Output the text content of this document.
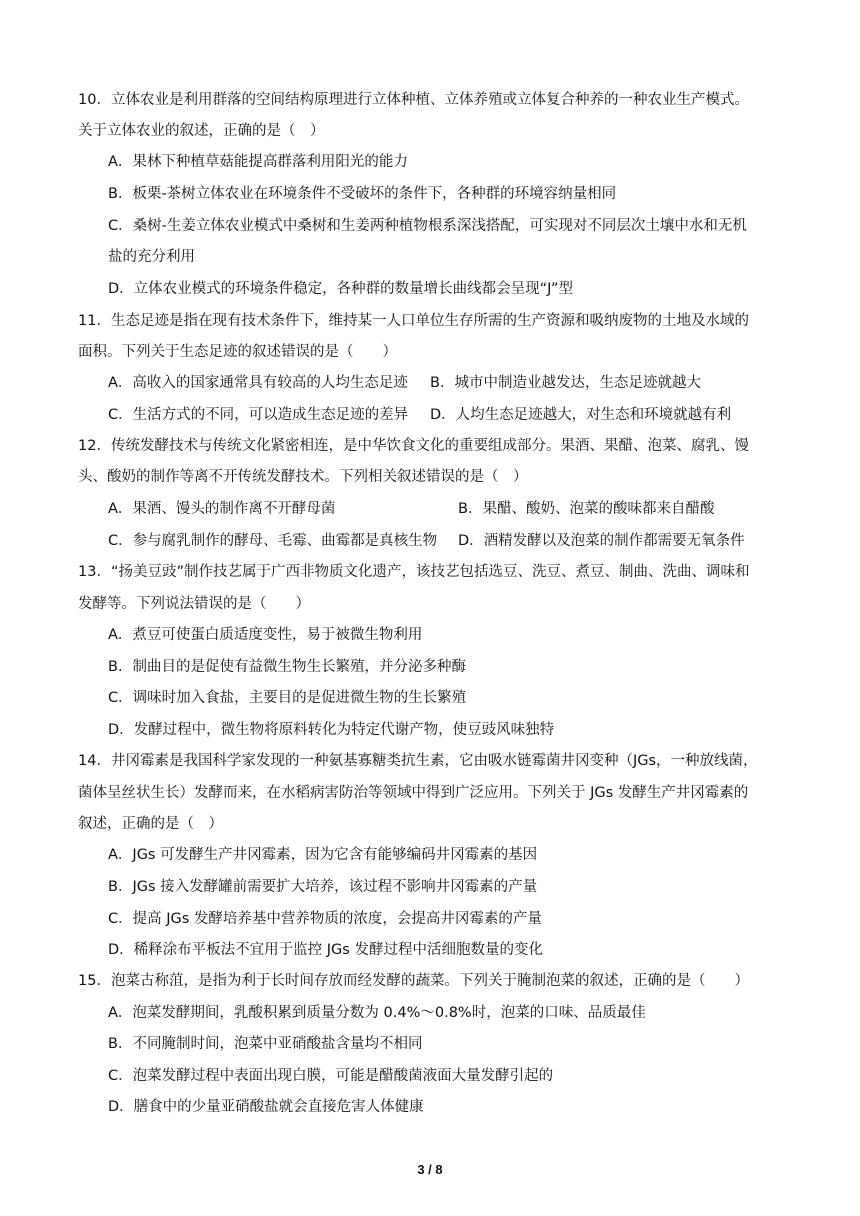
10．立体农业是利用群落的空间结构原理进行立体种植、立体养殖或立体复合种养的一种农业生产模式。
关于立体农业的叙述，正确的是（　）
A．果林下种植草菇能提高群落利用阳光的能力
B．板栗-茶树立体农业在环境条件不受破坏的条件下，各种群的环境容纳量相同
C．桑树-生姜立体农业模式中桑树和生姜两种植物根系深浅搭配，可实现对不同层次土壤中水和无机
盐的充分利用
D．立体农业模式的环境条件稳定，各种群的数量增长曲线都会呈现“J”型
11．生态足迹是指在现有技术条件下，维持某一人口单位生存所需的生产资源和吸纳废物的土地及水域的
面积。下列关于生态足迹的叙述错误的是（　　）
A．高收入的国家通常具有较高的人均生态足迹 B．城市中制造业越发达，生态足迹就越大
C．生活方式的不同，可以造成生态足迹的差异 D．人均生态足迹越大，对生态和环境就越有利
12．传统发酵技术与传统文化紧密相连，是中华饮食文化的重要组成部分。果酒、果醋、泡菜、腐乳、馒
头、酸奶的制作等离不开传统发酵技术。下列相关叙述错误的是（　）
A．果酒、馒头的制作离不开酵母菌	B．果醋、酸奶、泡菜的酸味都来自醋酸
C．参与腐乳制作的酵母、毛霉、曲霉都是真核生物 D．酒精发酵以及泡菜的制作都需要无氧条件
13．“扬美豆豉”制作技艺属于广西非物质文化遗产，该技艺包括选豆、洗豆、煮豆、制曲、洗曲、调味和
发酵等。下列说法错误的是（　　）
A．煮豆可使蛋白质适度变性，易于被微生物利用
B．制曲目的是促使有益微生物生长繁殖，并分泌多种酶
C．调味时加入食盐，主要目的是促进微生物的生长繁殖
D．发酵过程中，微生物将原料转化为特定代谢产物，使豆豉风味独特
14．井冈霉素是我国科学家发现的一种氨基寡糖类抗生素，它由吸水链霉菌井冈变种（JGs，一种放线菌，
菌体呈丝状生长）发酵而来，在水稻病害防治等领域中得到广泛应用。下列关于 JGs 发酵生产井冈霉素的
叙述，正确的是（　）
A．JGs 可发酵生产井冈霉素，因为它含有能够编码井冈霉素的基因
B．JGs 接入发酵罐前需要扩大培养，该过程不影响井冈霉素的产量
C．提高 JGs 发酵培养基中营养物质的浓度，会提高井冈霉素的产量
D．稀释涂布平板法不宜用于监控 JGs 发酵过程中活细胞数量的变化
15．泡菜古称菹，是指为利于长时间存放而经发酵的蔬菜。下列关于腌制泡菜的叙述，正确的是（　　）
A．泡菜发酵期间，乳酸积累到质量分数为 0.4%～0.8%时，泡菜的口味、品质最佳
B．不同腌制时间，泡菜中亚硝酸盐含量均不相同
C．泡菜发酵过程中表面出现白膜，可能是醋酸菌液面大量发酵引起的
D．膳食中的少量亚硝酸盐就会直接危害人体健康
3 / 8
